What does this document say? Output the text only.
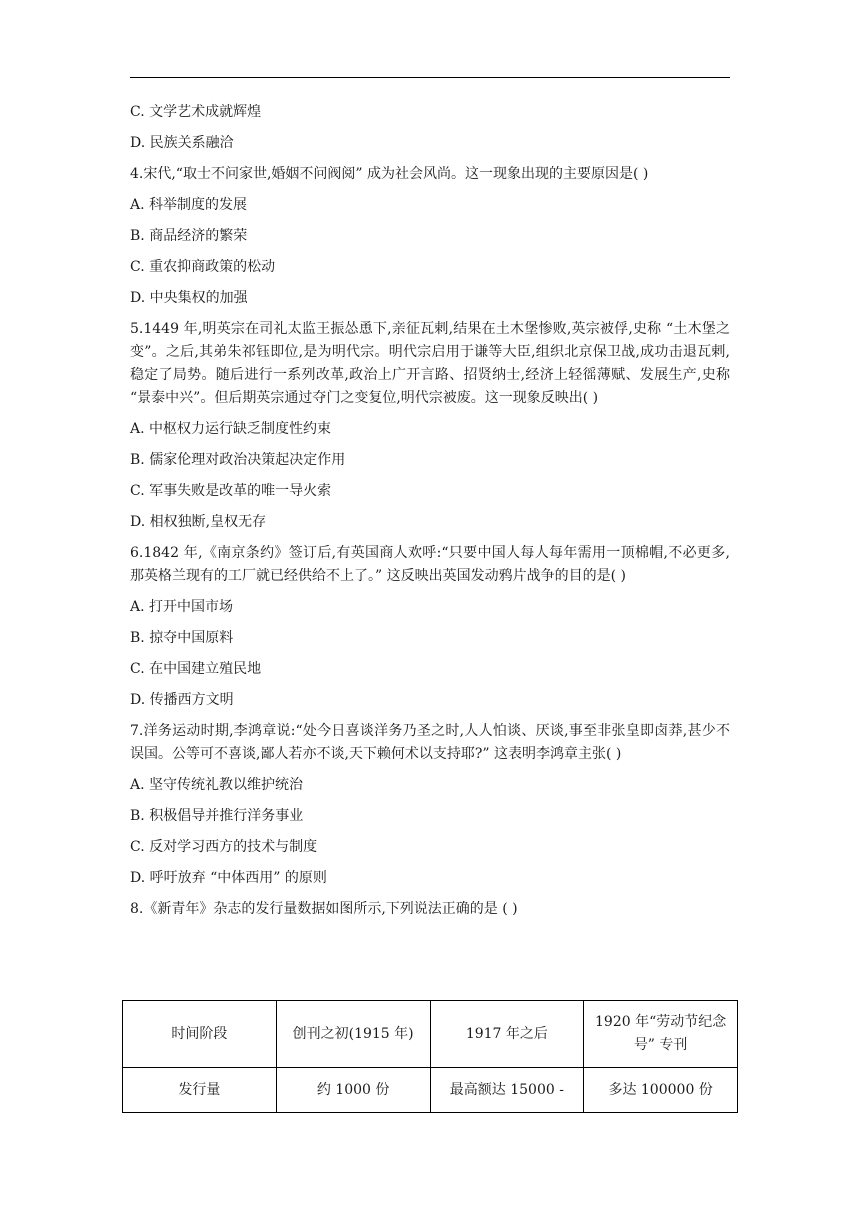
C. 文学艺术成就辉煌

D. 民族关系融洽

4.宋代,“取士不问家世,婚姻不问阀阅” 成为社会风尚。这一现象出现的主要原因是( )

A. 科举制度的发展

B. 商品经济的繁荣

C. 重农抑商政策的松动

D. 中央集权的加强

5.1449 年,明英宗在司礼太监王振怂恿下,亲征瓦剌,结果在土木堡惨败,英宗被俘,史称 “土木堡之变”。之后,其弟朱祁钰即位,是为明代宗。明代宗启用于谦等大臣,组织北京保卫战,成功击退瓦剌,稳定了局势。随后进行一系列改革,政治上广开言路、招贤纳士,经济上轻徭薄赋、发展生产,史称 “景泰中兴”。但后期英宗通过夺门之变复位,明代宗被废。这一现象反映出( )

A. 中枢权力运行缺乏制度性约束

B. 儒家伦理对政治决策起决定作用

C. 军事失败是改革的唯一导火索

D. 相权独断,皇权无存

6.1842 年,《南京条约》签订后,有英国商人欢呼:“只要中国人每人每年需用一顶棉帽,不必更多,那英格兰现有的工厂就已经供给不上了。” 这反映出英国发动鸦片战争的目的是( )

A. 打开中国市场

B. 掠夺中国原料

C. 在中国建立殖民地

D. 传播西方文明

7.洋务运动时期,李鸿章说:“处今日喜谈洋务乃圣之时,人人怕谈、厌谈,事至非张皇即卤莽,甚少不误国。公等可不喜谈,鄙人若亦不谈,天下赖何术以支持耶?” 这表明李鸿章主张( )

A. 坚守传统礼教以维护统治

B. 积极倡导并推行洋务事业

C. 反对学习西方的技术与制度

D. 呼吁放弃 “中体西用” 的原则

8.《新青年》杂志的发行量数据如图所示,下列说法正确的是 ( )

时间阶段	创刊之初(1915 年)	1917 年之后	1920 年“劳动节纪念号” 专刊
发行量	约 1000 份	最高额达 15000 -	多达 100000 份
